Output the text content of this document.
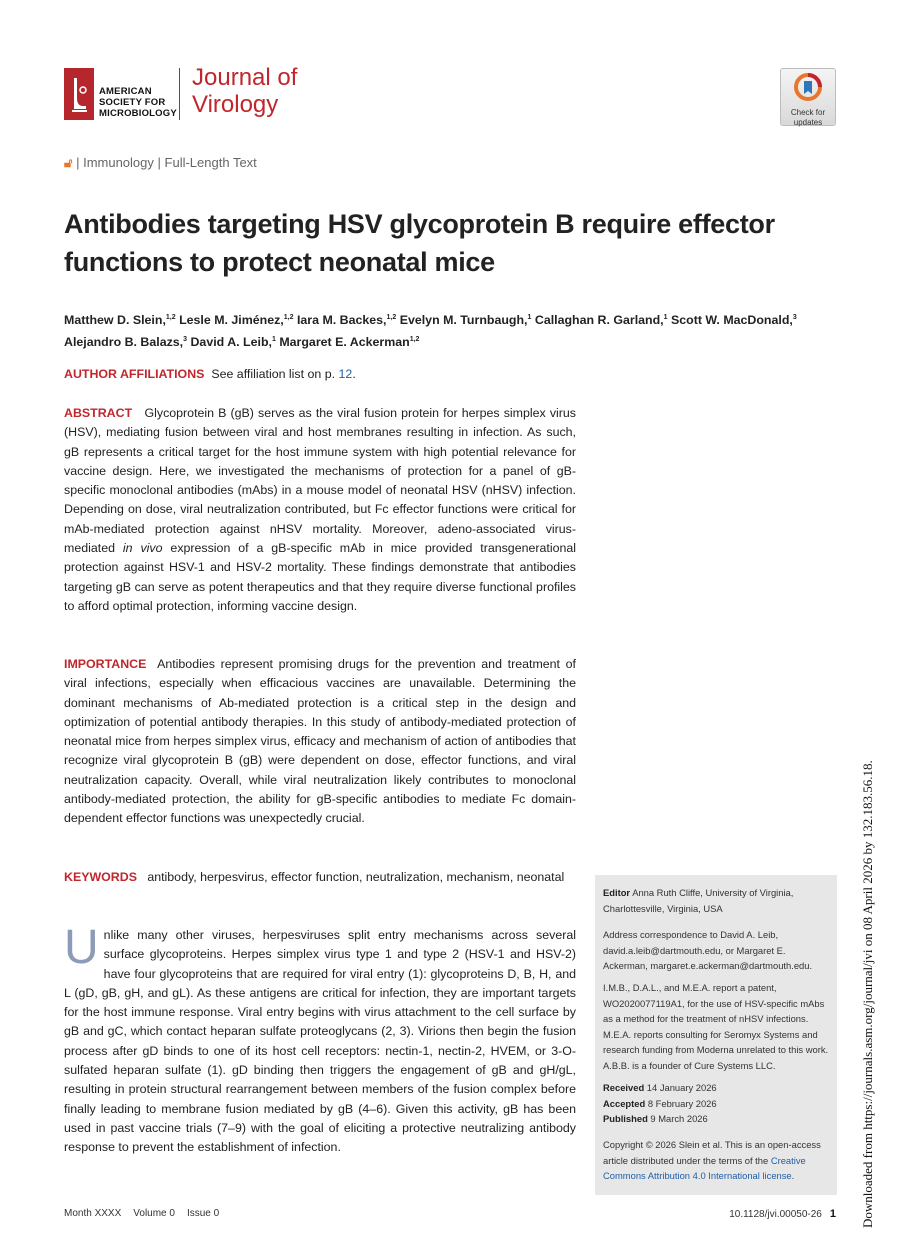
AMERICAN
SOCIETY FOR
MICROBIOLOGY
Journal of
Virology	Check for
updates
🔓︎ | Immunology | Full-Length Text
Antibodies targeting HSV glycoprotein B require effector functions to protect neonatal mice
Matthew D. Slein,$^{1,2}$ Lesle M. Jiménez,$^{1,2}$ Iara M. Backes,$^{1,2}$ Evelyn M. Turnbaugh,$^1$ Callaghan R. Garland,$^1$ Scott W. MacDonald,$^3$
Alejandro B. Balazs,$^3$ David A. Leib,$^1$ Margaret E. Ackerman$^{1,2}$
AUTHOR AFFILIATIONS See affiliation list on p. 12.
ABSTRACT Glycoprotein B (gB) serves as the viral fusion protein for herpes simplex virus (HSV), mediating fusion between viral and host membranes resulting in infection. As such, gB represents a critical target for the host immune system with high potential relevance for vaccine design. Here, we investigated the mechanisms of protection for a panel of gB-specific monoclonal antibodies (mAbs) in a mouse model of neonatal HSV (nHSV) infection. Depending on dose, viral neutralization contributed, but Fc effector functions were critical for mAb-mediated protection against nHSV mortality. Moreover, adeno-associated virus-mediated in vivo expression of a gB-specific mAb in mice provided transgenerational protection against HSV-1 and HSV-2 mortality. These findings demonstrate that antibodies targeting gB can serve as potent therapeutics and that they require diverse functional profiles to afford optimal protection, informing vaccine design.
IMPORTANCE Antibodies represent promising drugs for the prevention and treatment of viral infections, especially when efficacious vaccines are unavailable. Determining the dominant mechanisms of Ab-mediated protection is a critical step in the design and optimization of potential antibody therapies. In this study of antibody-mediated protection of neonatal mice from herpes simplex virus, efficacy and mechanism of action of antibodies that recognize viral glycoprotein B (gB) were dependent on dose, effector functions, and viral neutralization capacity. Overall, while viral neutralization likely contributes to monoclonal antibody-mediated protection, the ability for gB-specific antibodies to mediate Fc domain-dependent effector functions was unexpectedly crucial.
KEYWORDS antibody, herpesvirus, effector function, neutralization, mechanism, neonatal
Unlike many other viruses, herpesviruses split entry mechanisms across several surface glycoproteins. Herpes simplex virus type 1 and type 2 (HSV-1 and HSV-2) have four glycoproteins that are required for viral entry (1): glycoproteins D, B, H, and L (gD, gB, gH, and gL). As these antigens are critical for infection, they are important targets for the host immune response. Viral entry begins with virus attachment to the cell surface by gB and gC, which contact heparan sulfate proteoglycans (2, 3). Virions then begin the fusion process after gD binds to one of its host cell receptors: nectin-1, nectin-2, HVEM, or 3-O-sulfated heparan sulfate (1). gD binding then triggers the engagement of gB and gH/gL, resulting in protein structural rearrangement between members of the fusion complex before finally leading to membrane fusion mediated by gB (4–6). Given this activity, gB has been used in past vaccine trials (7–9) with the goal of eliciting a protective neutralizing antibody response to prevent the establishment of infection.
Editor Anna Ruth Cliffe, University of Virginia, Charlottesville, Virginia, USA
Address correspondence to David A. Leib, david.a.leib@dartmouth.edu, or Margaret E. Ackerman, margaret.e.ackerman@dartmouth.edu.
I.M.B., D.A.L., and M.E.A. report a patent, WO2020077119A1, for the use of HSV-specific mAbs as a method for the treatment of nHSV infections. M.E.A. reports consulting for Seromyx Systems and research funding from Moderna unrelated to this work. A.B.B. is a founder of Cure Systems LLC.
Received 14 January 2026
Accepted 8 February 2026
Published 9 March 2026
Copyright © 2026 Slein et al. This is an open-access article distributed under the terms of the Creative Commons Attribution 4.0 International license.	Downloaded from https://journals.asm.org/journal/jvi on 08 April 2026 by 132.183.56.18.
Month XXXX Volume 0 Issue 0	10.1128/jvi.00050-26 1
